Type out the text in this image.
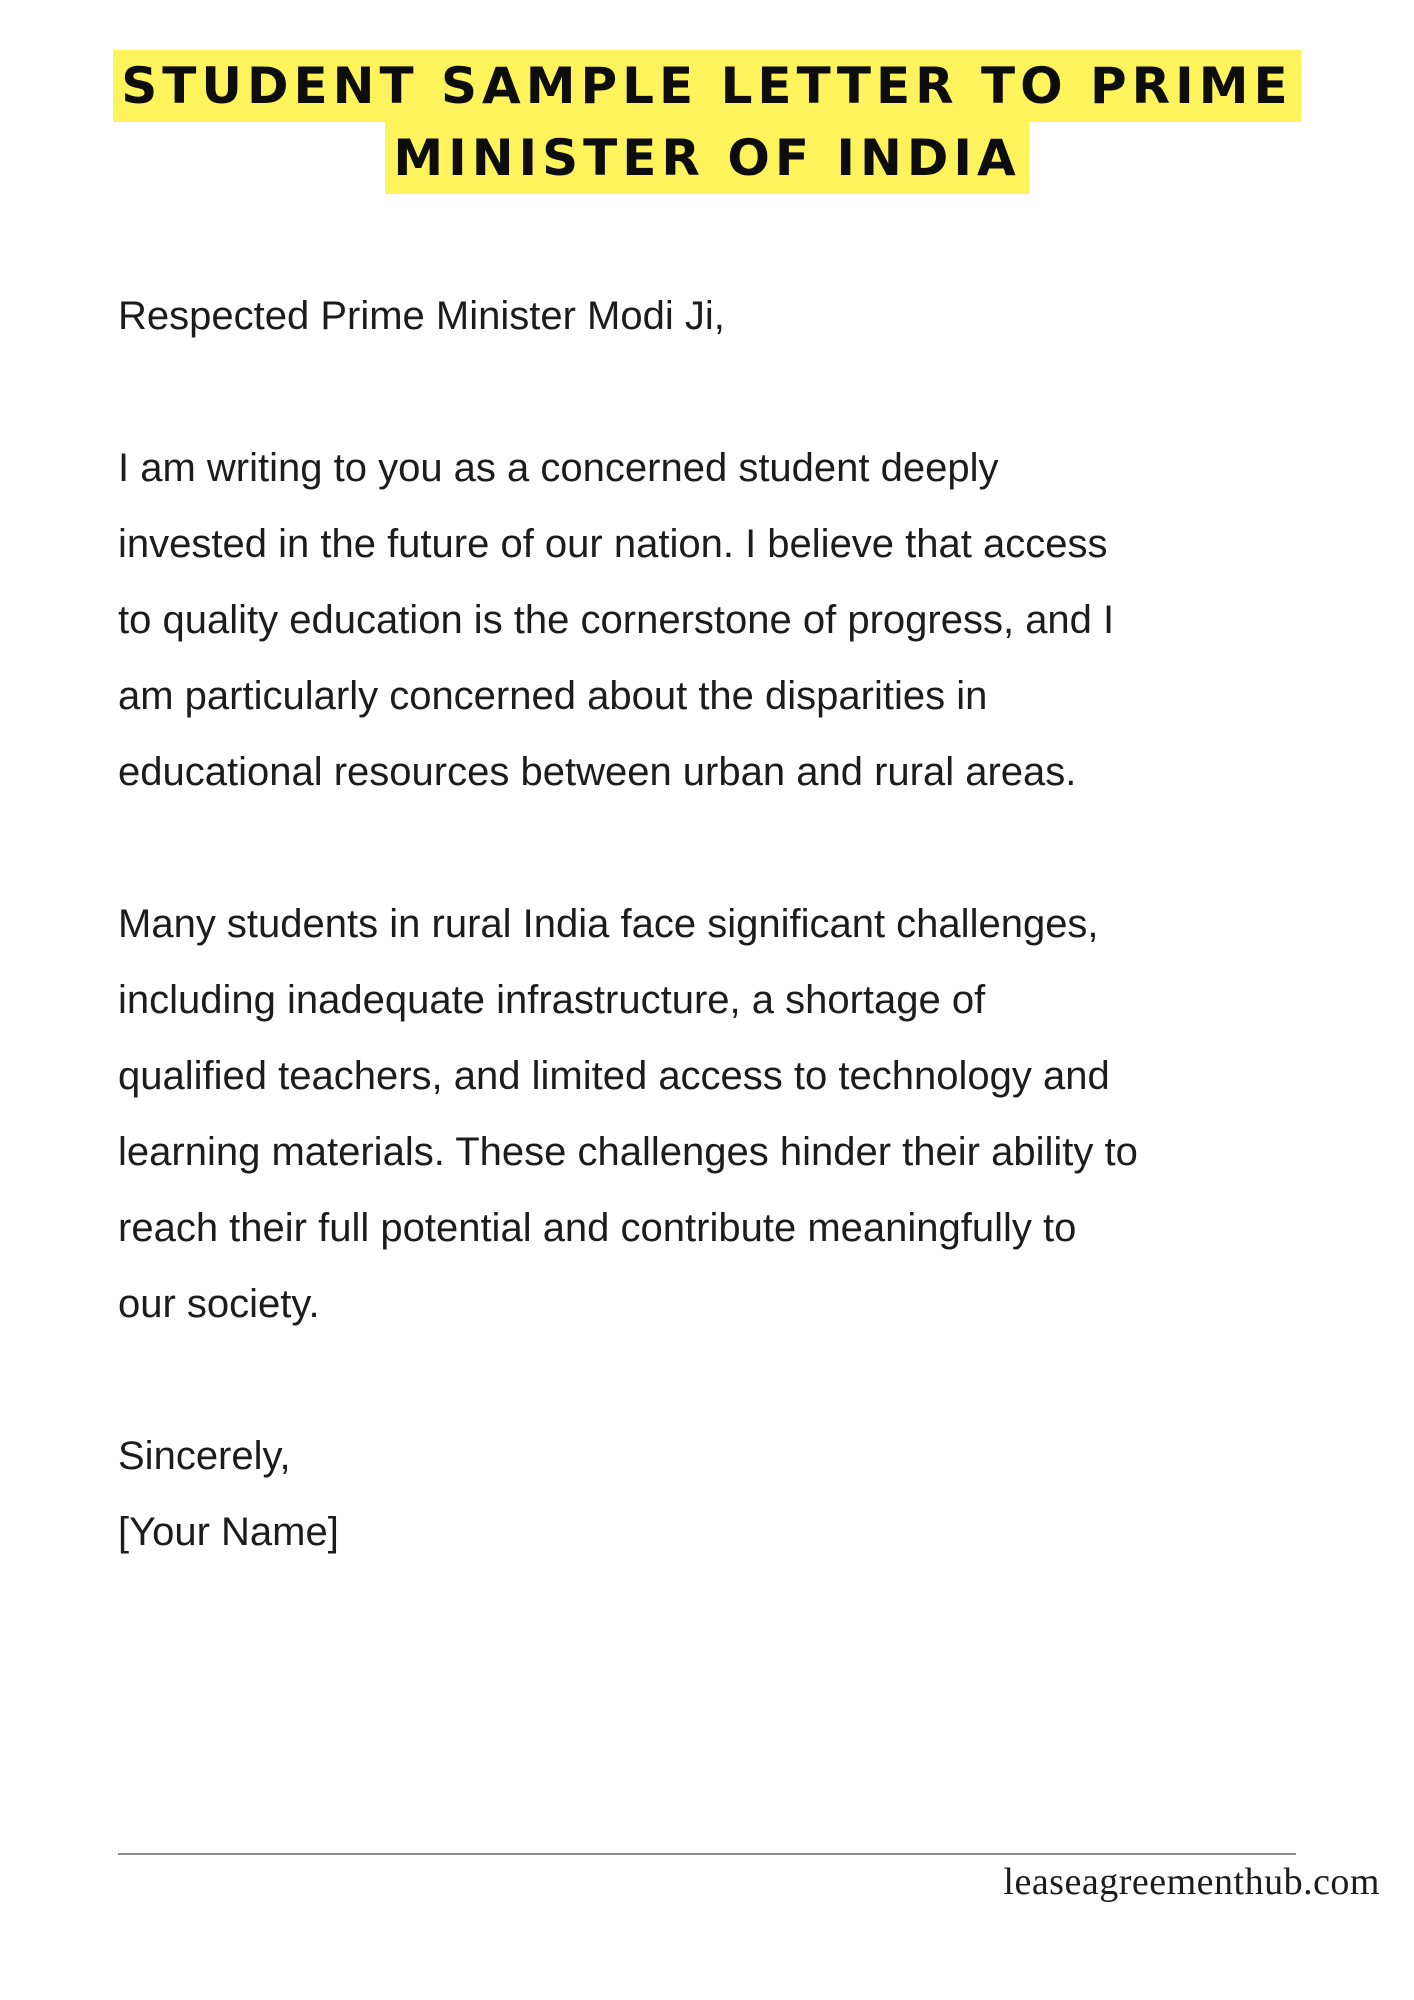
STUDENT SAMPLE LETTER TO PRIME
MINISTER OF INDIA

Respected Prime Minister Modi Ji,

I am writing to you as a concerned student deeply

invested in the future of our nation. I believe that access

to quality education is the cornerstone of progress, and I

am particularly concerned about the disparities in

educational resources between urban and rural areas.

Many students in rural India face significant challenges,

including inadequate infrastructure, a shortage of

qualified teachers, and limited access to technology and

learning materials. These challenges hinder their ability to

reach their full potential and contribute meaningfully to

our society.

Sincerely,

[Your Name]

leaseagreementhub.com
